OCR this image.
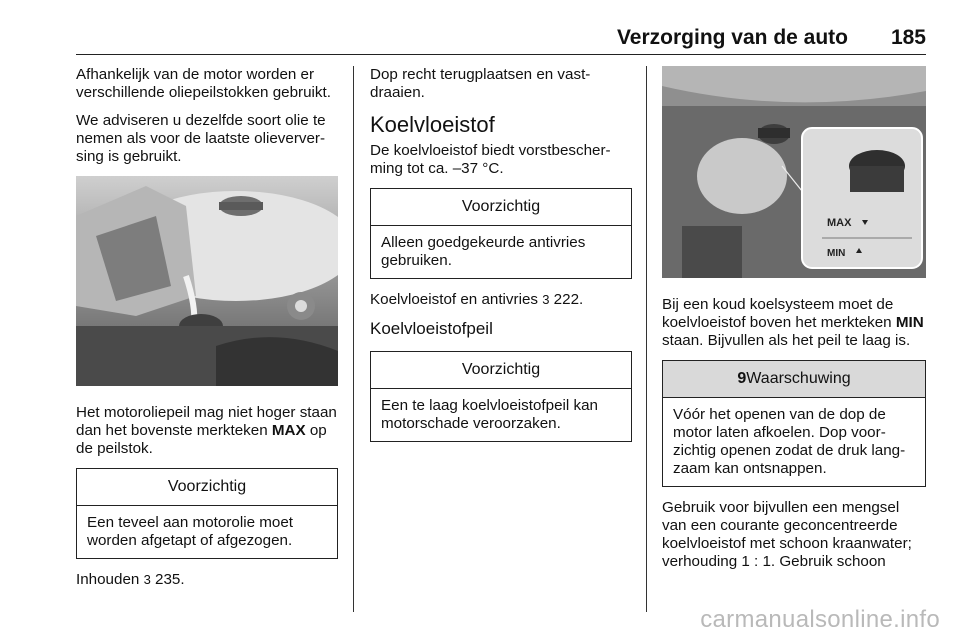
Verzorging van de auto 185

Afhankelijk van de motor worden er verschillende oliepeilstokken gebruikt.

We adviseren u dezelfde soort olie te nemen als voor de laatste olieverversing is gebruikt.

Het motoroliepeil mag niet hoger staan dan het bovenste merkteken MAX op de peilstok.

Voorzichtig
Een teveel aan motorolie moet worden afgetapt of afgezogen.

Inhouden 3 235.

Dop recht terugplaatsen en vastdraaien.

Koelvloeistof

De koelvloeistof biedt vorstbescherming tot ca. –37 °C.

Voorzichtig
Alleen goedgekeurde antivries gebruiken.

Koelvloeistof en antivries 3 222.

Koelvloeistofpeil
Voorzichtig
Een te laag koelvloeistofpeil kan motorschade veroorzaken.
MAX
MIN

Bij een koud koelsysteem moet de koelvloeistof boven het merkteken MIN staan. Bijvullen als het peil te laag is.

9Waarschuwing
Vóór het openen van de dop de motor laten afkoelen. Dop voorzichtig openen zodat de druk langzaam kan ontsnappen.

Gebruik voor bijvullen een mengsel van een courante geconcentreerde koelvloeistof met schoon kraanwater; verhouding 1 : 1. Gebruik schoon

carmanualsonline.info
